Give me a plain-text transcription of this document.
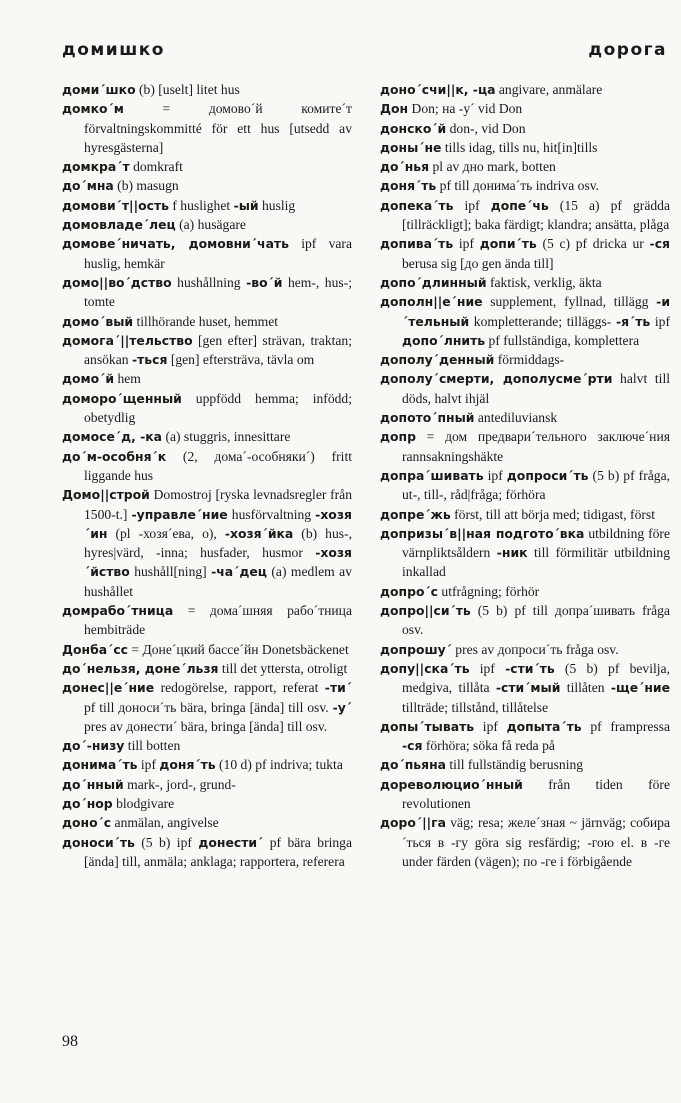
домишко	дорога

доми´шко (b) [uselt] litet hus

домко´м = домово´й комите´т förvaltningskommitté för ett hus [utsedd av hyresgästerna]

домкра´т domkraft

до´мна (b) masugn

домови´т||ость f huslighet -ый huslig

домовладе´лец (a) husägare

домове´ничать, домовни´чать ipf vara huslig, hemkär

домо||во´дство hushållning -во´й hem-, hus-; tomte

домо´вый tillhörande huset, hemmet

домога´||тельство [gen efter] strävan, traktan; ansökan -ться [gen] eftersträva, tävla om

домо´й hem

доморо´щенный uppfödd hemma; infödd; obetydlig

домосе´д, -ка (a) stuggris, innesittare

до´м-особня´к (2, дома´-особняки´) fritt liggande hus

Домо||строй Domostroj [ryska levnadsregler från 1500-t.] -управле´ние husförvaltning -хозя´ин (pl -хозя´ева, о), -хозя´йка (b) hus-, hyres|värd, -inna; husfader, husmor -хозя´йство hushåll[ning] -ча´дец (a) medlem av hushållet

домрабо´тница = дома´шняя рабо´тница hembiträde

Донба´сс = Доне´цкий бассе´йн Donetsbäckenet

до´нельзя, доне´льзя till det yttersta, otroligt

донес||е´ние redogörelse, rapport, referat -ти´ pf till доноси´ть bära, bringa [ända] till osv. -у´ pres av донести´ bära, bringa [ända] till osv.

до´-низу till botten

донима´ть ipf доня´ть (10 d) pf indriva; tukta

до´нный mark-, jord-, grund-

до´нор blodgivare

доно´с anmälan, angivelse

доноси´ть (5 b) ipf донести´ pf bära bringa [ända] till, anmäla; anklaga; rapportera, referera

доно´счи||к, -ца angivare, anmälare

Дон Don; на -у´ vid Don

донско´й don-, vid Don

доны´не tills idag, tills nu, hit[in]tills

до´нья pl av дно mark, botten

доня´ть pf till донима´ть indriva osv.

допека´ть ipf допе´чь (15 a) pf grädda [tillräckligt]; baka färdigt; klandra; ansätta, plåga

допива´ть ipf допи´ть (5 c) pf dricka ur -ся berusa sig [до gen ända till]

допо´длинный faktisk, verklig, äkta

дополн||е´ние supplement, fyllnad, tillägg -и´тельный kompletterande; tilläggs- -я´ть ipf допо´лнить pf fullständiga, komplettera

дополу´денный förmiddags-

дополу´смерти, дополусме´рти halvt till döds, halvt ihjäl

допото´пный antediluviansk

допр = дом предвари´тельного заключе´ния rannsakningshäkte

допра´шивать ipf допроси´ть (5 b) pf fråga, ut-, till-, råd|fråga; förhöra

допре´жь först, till att börja med; tidigast, först

допризы´в||ная подгото´вка utbildning före värnpliktsåldern -ник till förmilitär utbildning inkallad

допро´с utfrågning; förhör

допро||си´ть (5 b) pf till допра´шивать fråga osv.

допрошу´ pres av допроси´ть fråga osv.

допу||ска´ть ipf -сти´ть (5 b) pf bevilja, medgiva, tillåta -сти´мый tillåten -ще´ние tillträde; tillstånd, tillåtelse

допы´тывать ipf допыта´ть pf frampressa -ся förhöra; söka få reda på

до´пьяна till fullständig berusning

дореволюцио´нный från tiden före revolutionen

доро´||га väg; resa; желе´зная ~ järnväg; собира´ться в -гу göra sig resfärdig; -гою el. в -ге under färden (vägen); по -ге i förbigående

98
